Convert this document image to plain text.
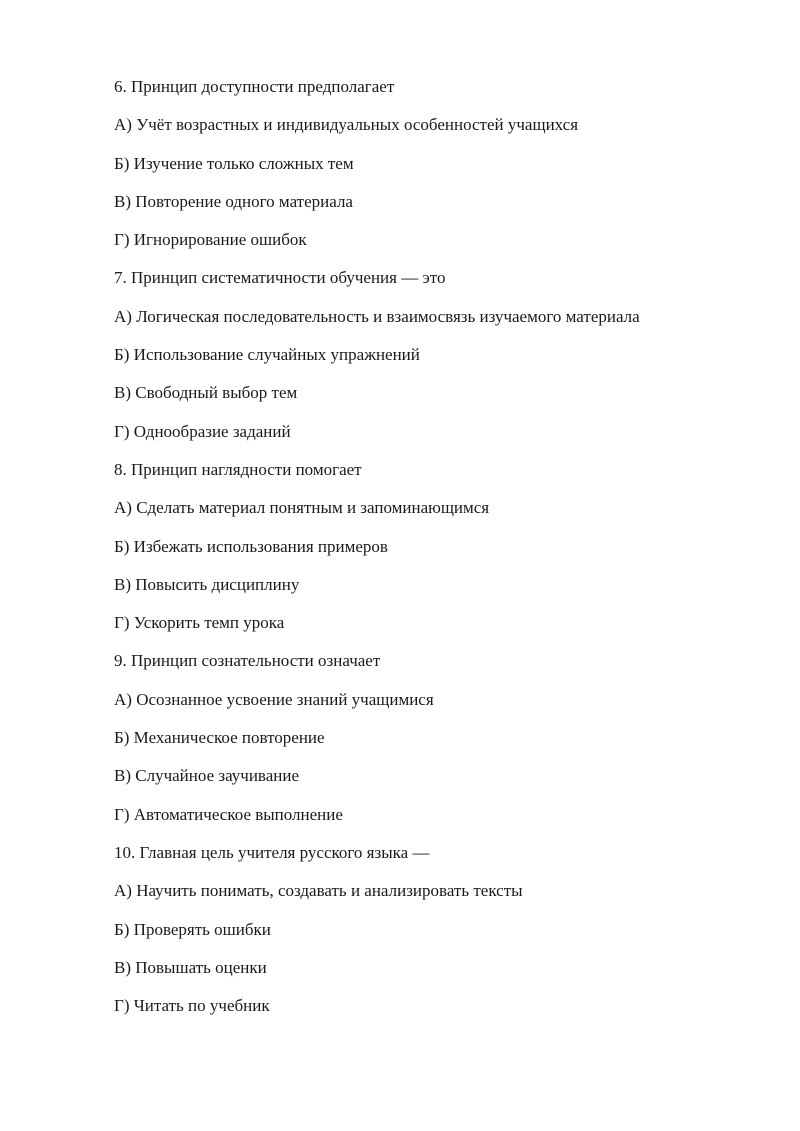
6. Принцип доступности предполагает
А) Учёт возрастных и индивидуальных особенностей учащихся
Б) Изучение только сложных тем
В) Повторение одного материала
Г) Игнорирование ошибок
7. Принцип систематичности обучения — это
А) Логическая последовательность и взаимосвязь изучаемого материала
Б) Использование случайных упражнений
В) Свободный выбор тем
Г) Однообразие заданий
8. Принцип наглядности помогает
А) Сделать материал понятным и запоминающимся
Б) Избежать использования примеров
В) Повысить дисциплину
Г) Ускорить темп урока
9. Принцип сознательности означает
А) Осознанное усвоение знаний учащимися
Б) Механическое повторение
В) Случайное заучивание
Г) Автоматическое выполнение
10. Главная цель учителя русского языка —
А) Научить понимать, создавать и анализировать тексты
Б) Проверять ошибки
В) Повышать оценки
Г) Читать по учебник
